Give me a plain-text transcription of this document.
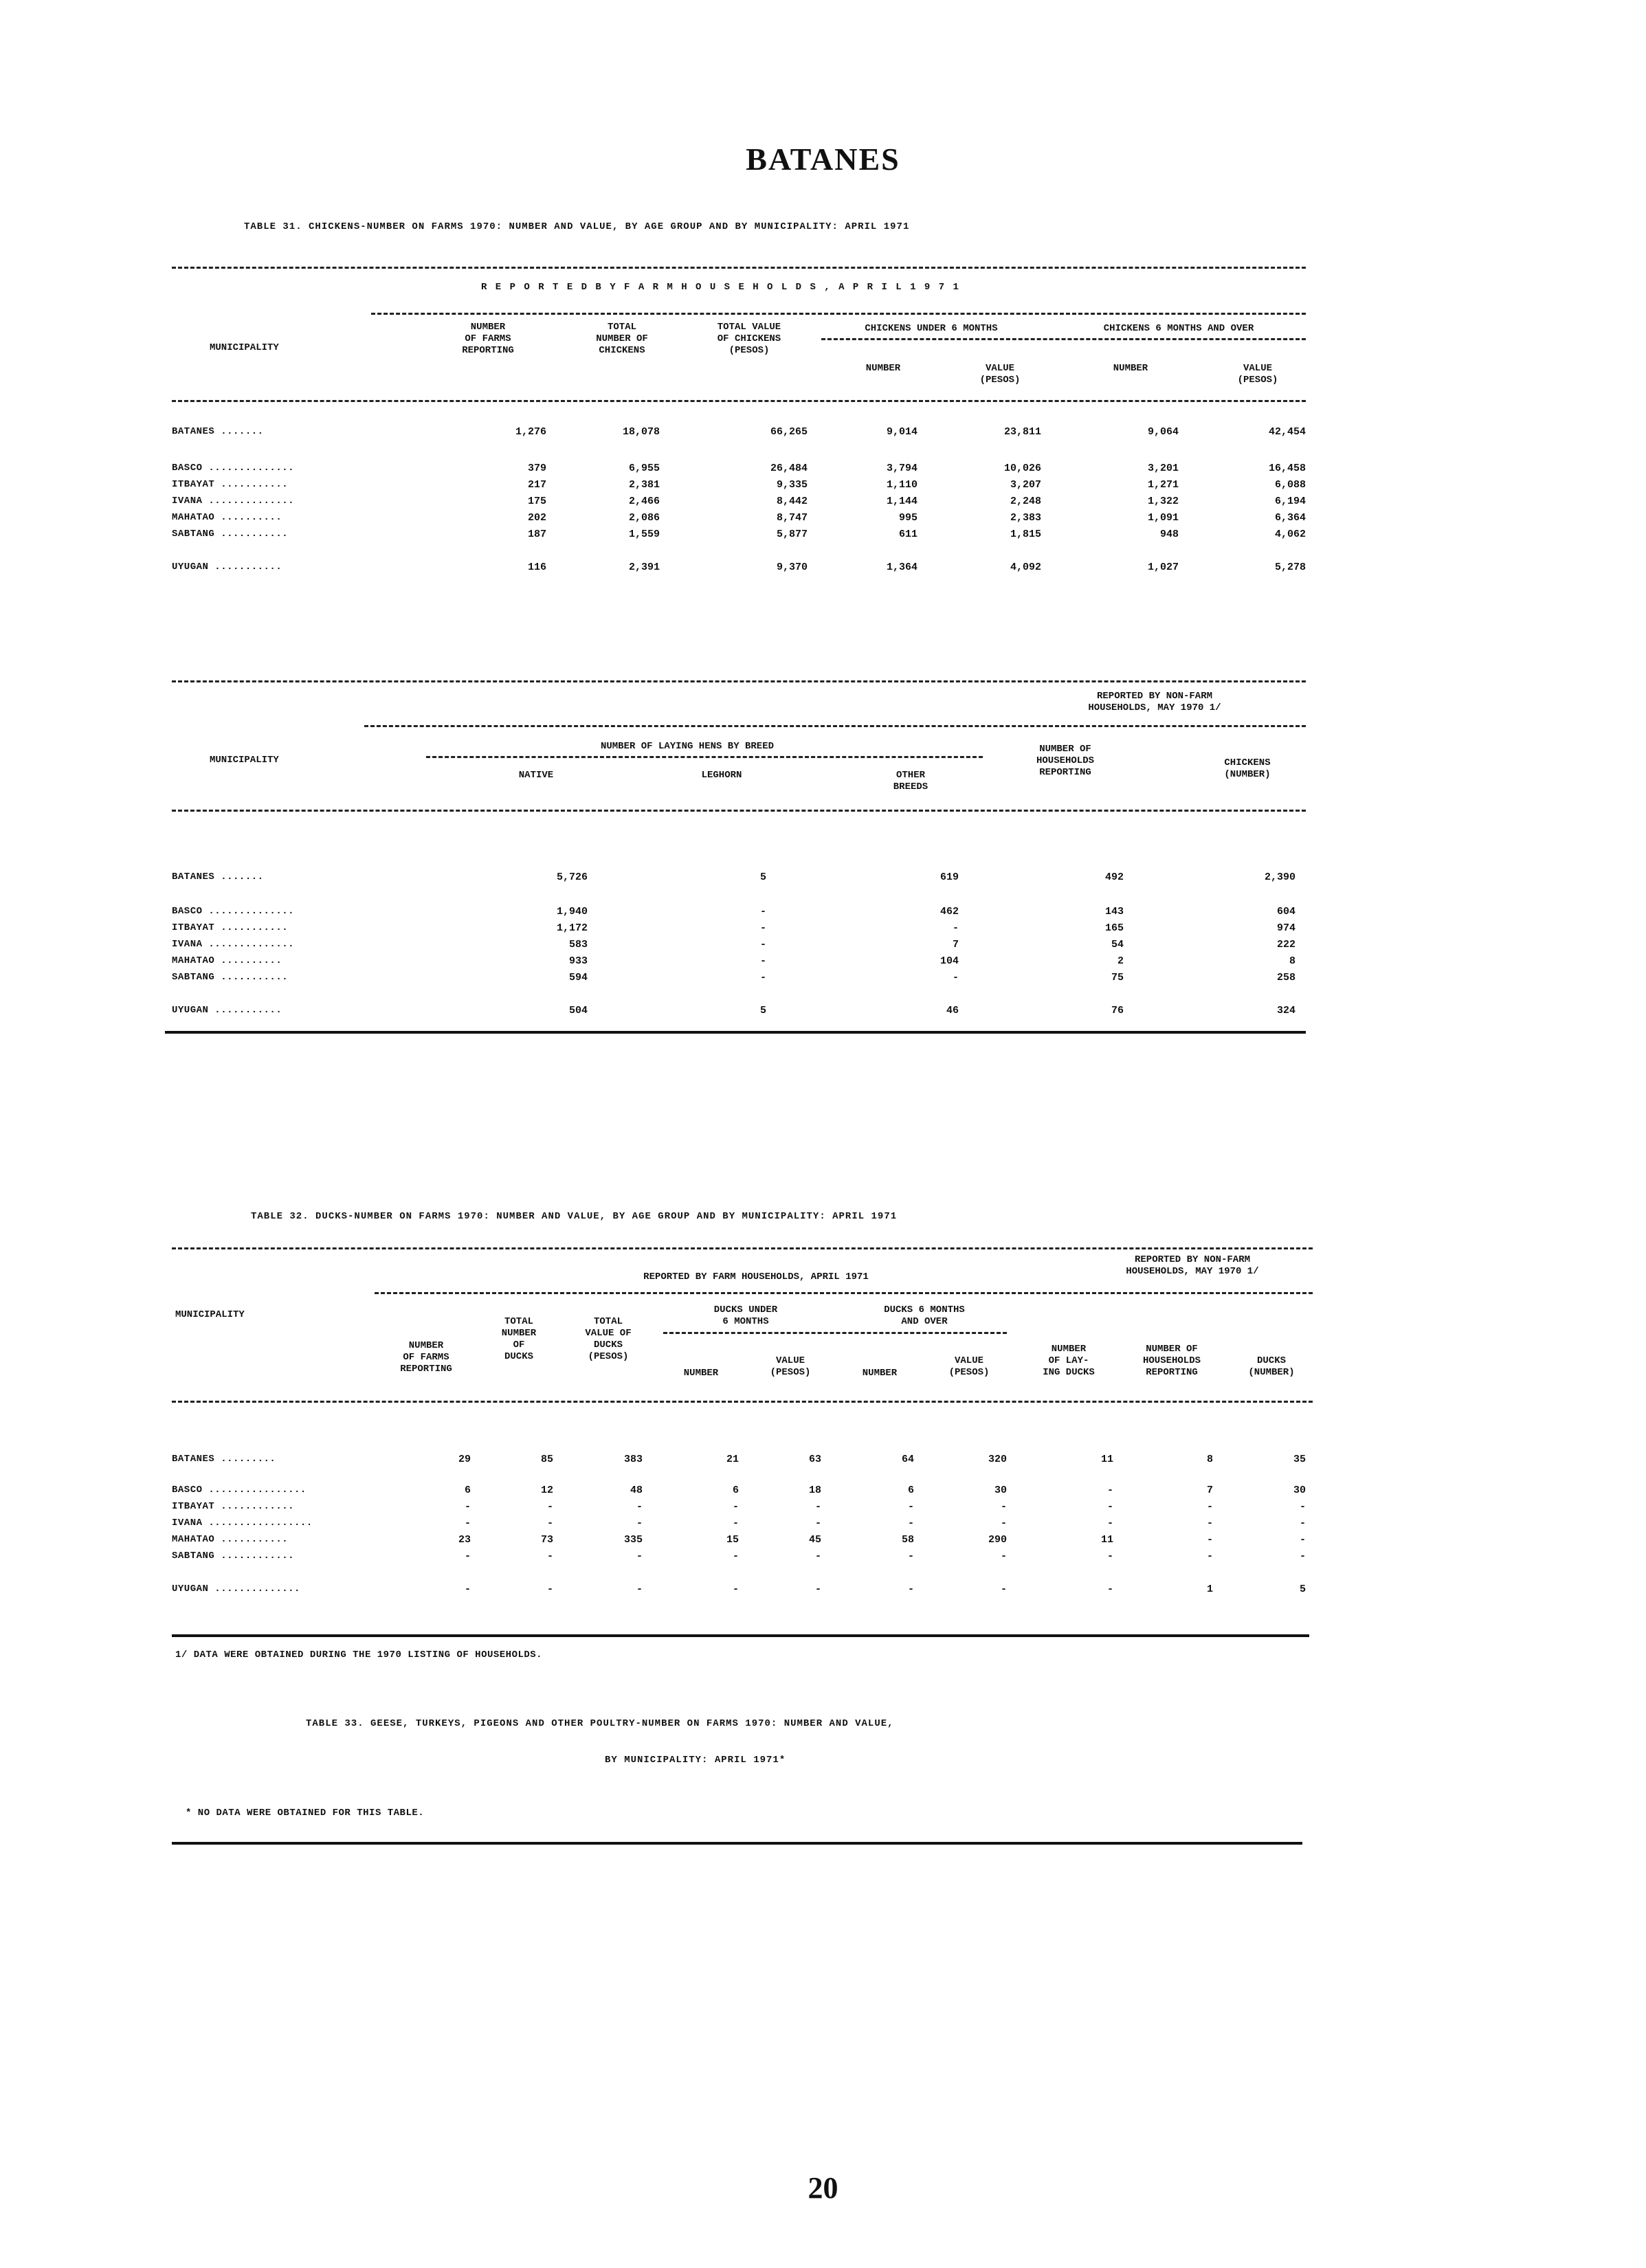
BATANES
TABLE 31. CHICKENS-NUMBER ON FARMS 1970: NUMBER AND VALUE, BY AGE GROUP AND BY MUNICIPALITY: APRIL 1971
R E P O R T E D B Y F A R M H O U S E H O L D S , A P R I L 1 9 7 1
MUNICIPALITY
NUMBER
OF FARMS
REPORTING
TOTAL
NUMBER OF
CHICKENS
TOTAL VALUE
OF CHICKENS
(PESOS)
CHICKENS UNDER 6 MONTHS	CHICKENS 6 MONTHS AND OVER
NUMBER	VALUE
(PESOS)
NUMBER	VALUE
(PESOS)
BATANES .......	1,276	18,078	66,265	9,014	23,811	9,064	42,454
BASCO ..............	379	6,955	26,484	3,794	10,026	3,201	16,458
ITBAYAT ...........	217	2,381	9,335	1,110	3,207	1,271	6,088
IVANA ..............	175	2,466	8,442	1,144	2,248	1,322	6,194
MAHATAO ..........	202	2,086	8,747	995	2,383	1,091	6,364
SABTANG ...........	187	1,559	5,877	611	1,815	948	4,062
UYUGAN ...........	116	2,391	9,370	1,364	4,092	1,027	5,278
REPORTED BY NON-FARM
HOUSEHOLDS, MAY 1970 1/
MUNICIPALITY
NUMBER OF LAYING HENS BY BREED
NATIVE	LEGHORN	OTHER
BREEDS
NUMBER OF
HOUSEHOLDS
REPORTING
CHICKENS
(NUMBER)
BATANES .......	5,726	5	619	492	2,390
BASCO ..............	1,940	-	462	143	604
ITBAYAT ...........	1,172	-	-	165	974
IVANA ..............	583	-	7	54	222
MAHATAO ..........	933	-	104	2	8
SABTANG ...........	594	-	-	75	258
UYUGAN ...........	504	5	46	76	324
TABLE 32. DUCKS-NUMBER ON FARMS 1970: NUMBER AND VALUE, BY AGE GROUP AND BY MUNICIPALITY: APRIL 1971
REPORTED BY NON-FARM
HOUSEHOLDS, MAY 1970 1/
REPORTED BY FARM HOUSEHOLDS, APRIL 1971
MUNICIPALITY
NUMBER
OF FARMS
REPORTING
TOTAL
NUMBER
OF
DUCKS
TOTAL
VALUE OF
DUCKS
(PESOS)
DUCKS UNDER
6 MONTHS
DUCKS 6 MONTHS
AND OVER
NUMBER
VALUE
(PESOS)	NUMBER
VALUE
(PESOS)
NUMBER
OF LAY-
ING DUCKS
NUMBER OF
HOUSEHOLDS
REPORTING
DUCKS
(NUMBER)
BATANES .........	29	85	383	21	63	64	320	11	8	35
BASCO ................	6	12	48	6	18	6	30	-	7	30
ITBAYAT ............	-	-	-	-	-	-	-	-	-	-
IVANA .................	-	-	-	-	-	-	-	-	-	-
MAHATAO ...........	23	73	335	15	45	58	290	11	-	-
SABTANG ............	-	-	-	-	-	-	-	-	-	-
UYUGAN ..............	-	-	-	-	-	-	-	-	1	5
1/ DATA WERE OBTAINED DURING THE 1970 LISTING OF HOUSEHOLDS.
TABLE 33. GEESE, TURKEYS, PIGEONS AND OTHER POULTRY-NUMBER ON FARMS 1970: NUMBER AND VALUE,
BY MUNICIPALITY: APRIL 1971*
* NO DATA WERE OBTAINED FOR THIS TABLE.
20
